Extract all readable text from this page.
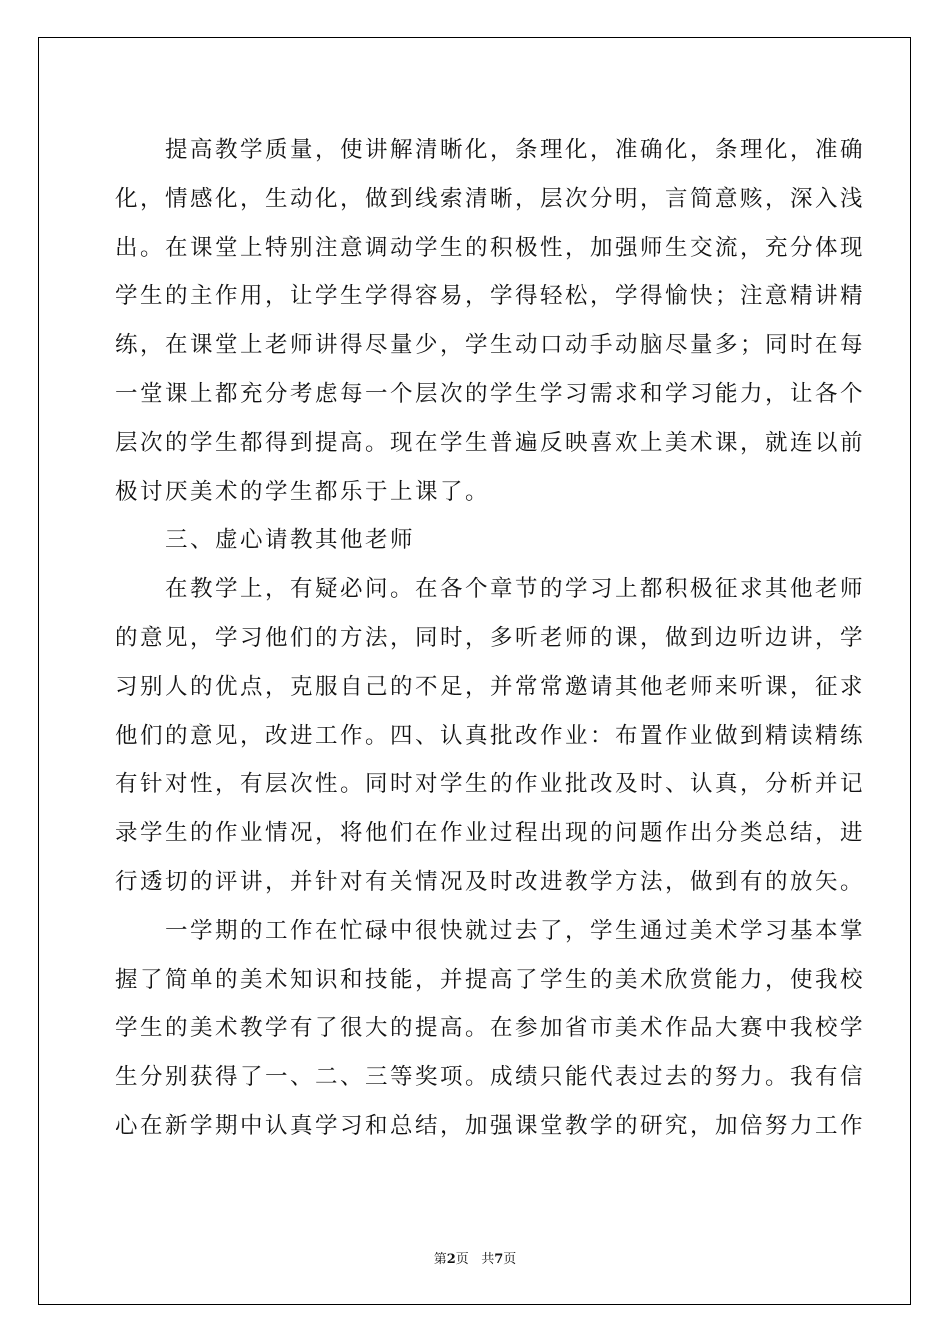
提高教学质量，使讲解清晰化，条理化，准确化，条理化，准确
化，情感化，生动化，做到线索清晰，层次分明，言简意赅，深入浅
出。在课堂上特别注意调动学生的积极性，加强师生交流，充分体现
学生的主作用，让学生学得容易，学得轻松，学得愉快；注意精讲精
练，在课堂上老师讲得尽量少，学生动口动手动脑尽量多；同时在每
一堂课上都充分考虑每一个层次的学生学习需求和学习能力，让各个
层次的学生都得到提高。现在学生普遍反映喜欢上美术课，就连以前
极讨厌美术的学生都乐于上课了。
三、虚心请教其他老师
在教学上，有疑必问。在各个章节的学习上都积极征求其他老师
的意见，学习他们的方法，同时，多听老师的课，做到边听边讲，学
习别人的优点，克服自己的不足，并常常邀请其他老师来听课，征求
他们的意见，改进工作。四、认真批改作业：布置作业做到精读精练
有针对性，有层次性。同时对学生的作业批改及时、认真，分析并记
录学生的作业情况，将他们在作业过程出现的问题作出分类总结，进
行透切的评讲，并针对有关情况及时改进教学方法，做到有的放矢。
一学期的工作在忙碌中很快就过去了，学生通过美术学习基本掌
握了简单的美术知识和技能，并提高了学生的美术欣赏能力，使我校
学生的美术教学有了很大的提高。在参加省市美术作品大赛中我校学
生分别获得了一、二、三等奖项。成绩只能代表过去的努力。我有信
心在新学期中认真学习和总结，加强课堂教学的研究，加倍努力工作
第2页 共7页
